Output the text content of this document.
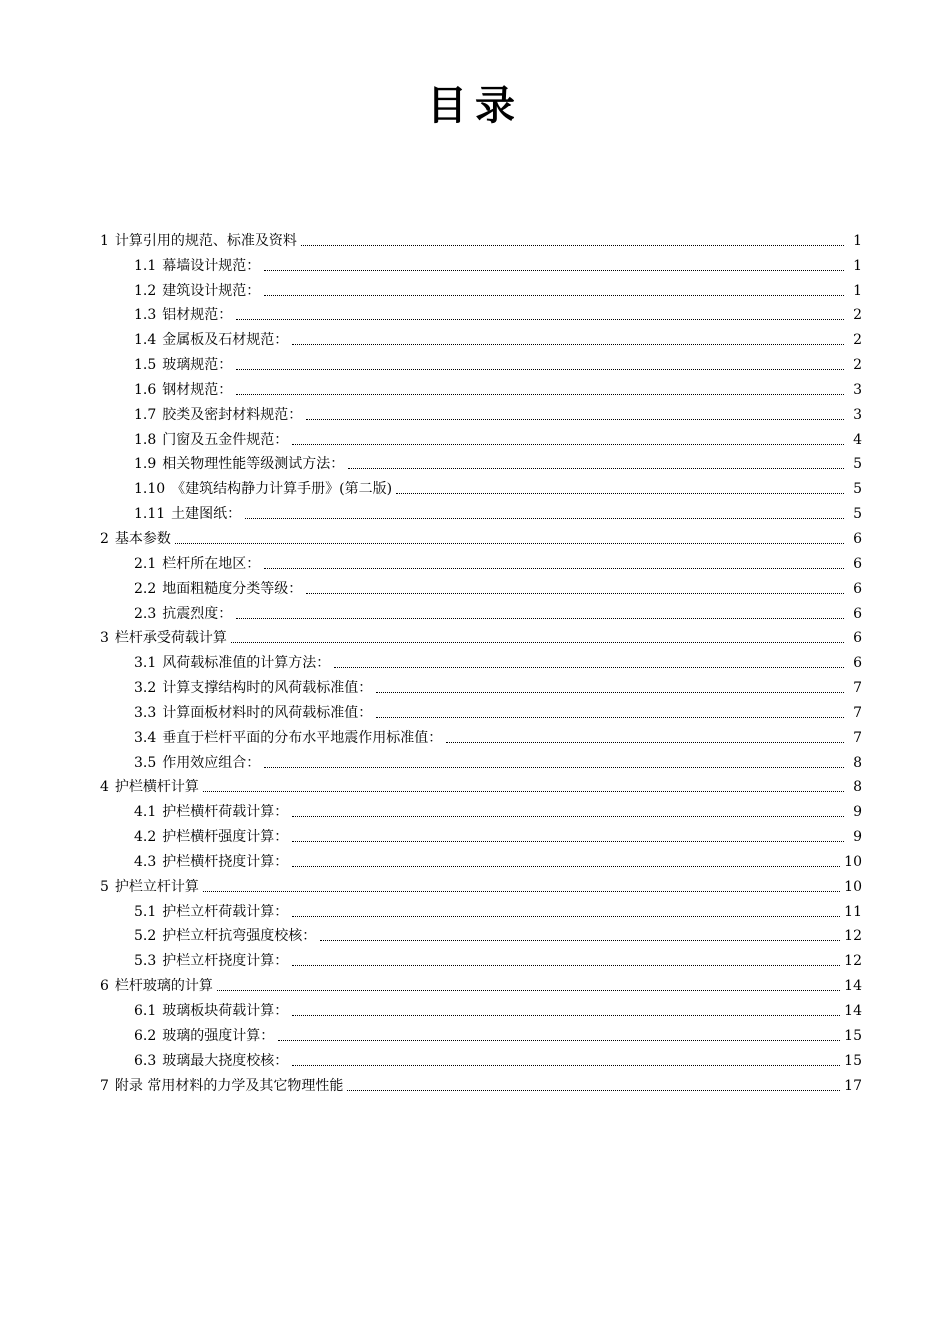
目录
1 计算引用的规范、标准及资料	1
1.1 幕墙设计规范：	1
1.2 建筑设计规范：	1
1.3 铝材规范：	2
1.4 金属板及石材规范：	2
1.5 玻璃规范：	2
1.6 钢材规范：	3
1.7 胶类及密封材料规范：	3
1.8 门窗及五金件规范：	4
1.9 相关物理性能等级测试方法：	5
1.10 《建筑结构静力计算手册》(第二版)	5
1.11 土建图纸：	5
2 基本参数	6
2.1 栏杆所在地区：	6
2.2 地面粗糙度分类等级：	6
2.3 抗震烈度：	6
3 栏杆承受荷载计算	6
3.1 风荷载标准值的计算方法：	6
3.2 计算支撑结构时的风荷载标准值：	7
3.3 计算面板材料时的风荷载标准值：	7
3.4 垂直于栏杆平面的分布水平地震作用标准值：	7
3.5 作用效应组合：	8
4 护栏横杆计算	8
4.1 护栏横杆荷载计算：	9
4.2 护栏横杆强度计算：	9
4.3 护栏横杆挠度计算：	10
5 护栏立杆计算	10
5.1 护栏立杆荷载计算：	11
5.2 护栏立杆抗弯强度校核：	12
5.3 护栏立杆挠度计算：	12
6 栏杆玻璃的计算	14
6.1 玻璃板块荷载计算：	14
6.2 玻璃的强度计算：	15
6.3 玻璃最大挠度校核：	15
7 附录 常用材料的力学及其它物理性能	17
